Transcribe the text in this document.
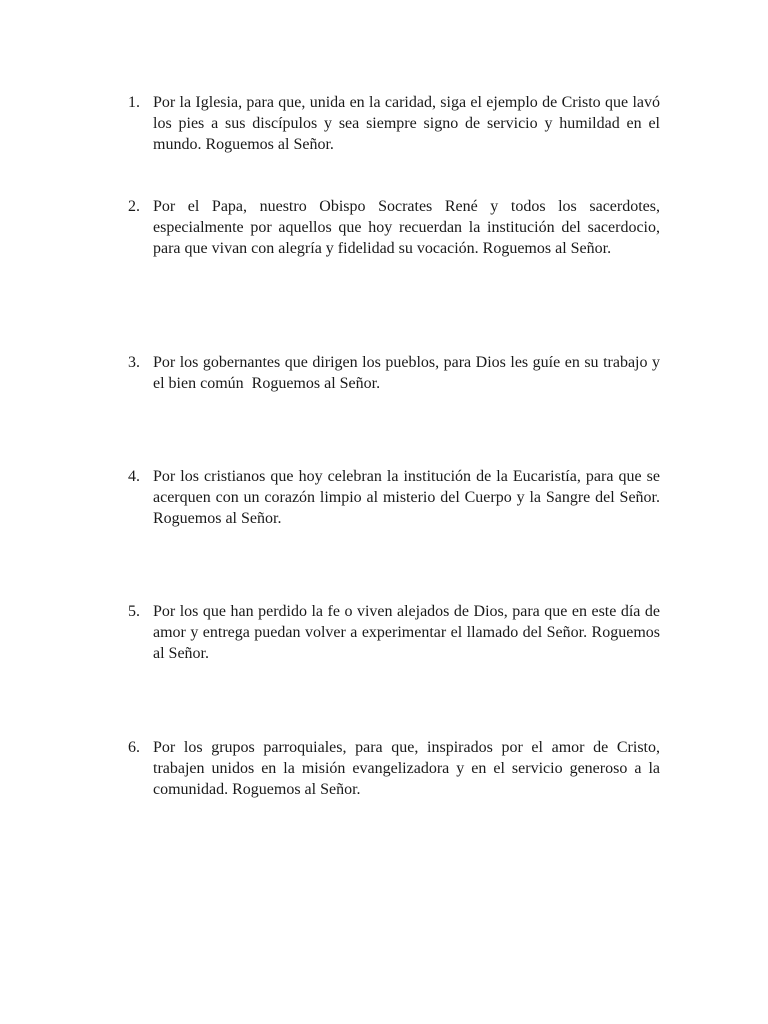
1. Por la Iglesia, para que, unida en la caridad, siga el ejemplo de Cristo que lavó los pies a sus discípulos y sea siempre signo de servicio y humildad en el mundo. Roguemos al Señor.
2. Por el Papa, nuestro Obispo Socrates René y todos los sacerdotes, especialmente por aquellos que hoy recuerdan la institución del sacerdocio, para que vivan con alegría y fidelidad su vocación. Roguemos al Señor.
3. Por los gobernantes que dirigen los pueblos, para Dios les guíe en su trabajo y el bien común  Roguemos al Señor.
4. Por los cristianos que hoy celebran la institución de la Eucaristía, para que se acerquen con un corazón limpio al misterio del Cuerpo y la Sangre del Señor. Roguemos al Señor.
5. Por los que han perdido la fe o viven alejados de Dios, para que en este día de amor y entrega puedan volver a experimentar el llamado del Señor. Roguemos al Señor.
6. Por los grupos parroquiales, para que, inspirados por el amor de Cristo, trabajen unidos en la misión evangelizadora y en el servicio generoso a la comunidad. Roguemos al Señor.
